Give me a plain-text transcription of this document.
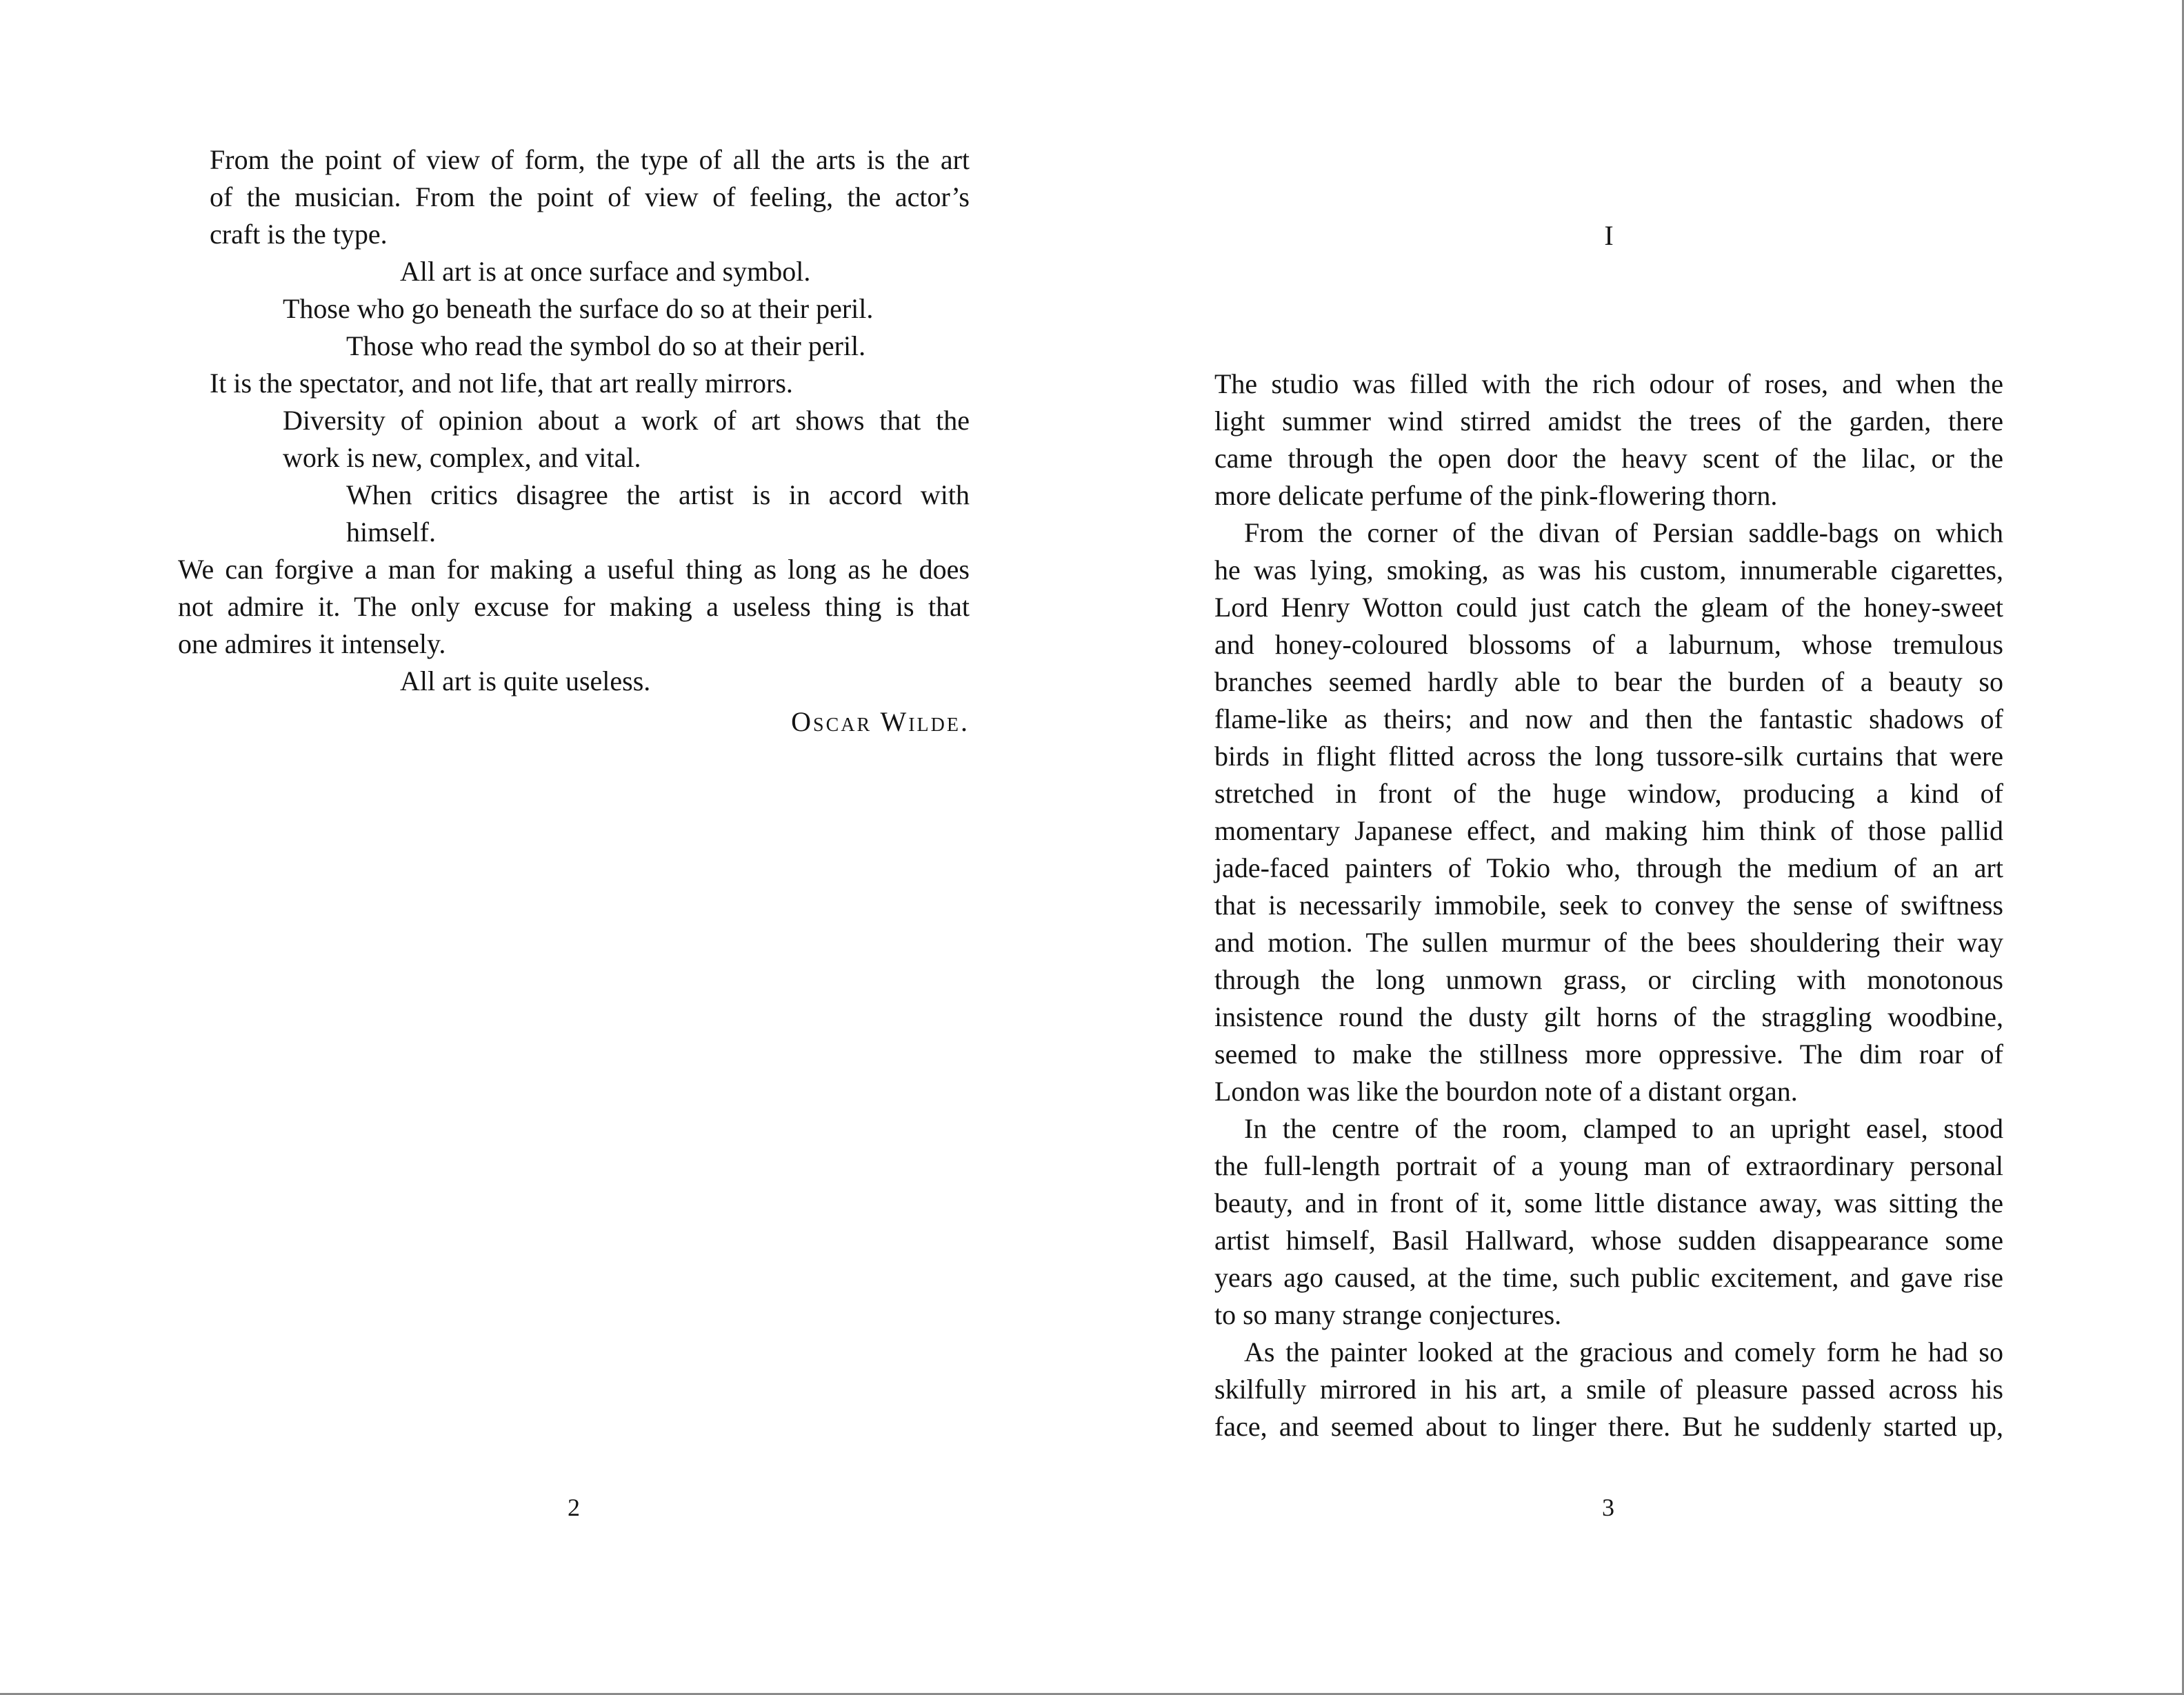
From the point of view of form, the type of all the arts is the art
of the musician. From the point of view of feeling, the actor’s
craft is the type.
All art is at once surface and symbol.
Those who go beneath the surface do so at their peril.
Those who read the symbol do so at their peril.
It is the spectator, and not life, that art really mirrors.
Diversity of opinion about a work of art shows that the
work is new, complex, and vital.
When critics disagree the artist is in accord with
himself.
We can forgive a man for making a useful thing as long as he does
not admire it. The only excuse for making a useless thing is that
one admires it intensely.
All art is quite useless.
Oscar Wilde.
2
I
The studio was filled with the rich odour of roses, and when the
light summer wind stirred amidst the trees of the garden, there
came through the open door the heavy scent of the lilac, or the
more delicate perfume of the pink-flowering thorn.
From the corner of the divan of Persian saddle-bags on which
he was lying, smoking, as was his custom, innumerable cigarettes,
Lord Henry Wotton could just catch the gleam of the honey-sweet
and honey-coloured blossoms of a laburnum, whose tremulous
branches seemed hardly able to bear the burden of a beauty so
flame-like as theirs; and now and then the fantastic shadows of
birds in flight flitted across the long tussore-silk curtains that were
stretched in front of the huge window, producing a kind of
momentary Japanese effect, and making him think of those pallid
jade-faced painters of Tokio who, through the medium of an art
that is necessarily immobile, seek to convey the sense of swiftness
and motion. The sullen murmur of the bees shouldering their way
through the long unmown grass, or circling with monotonous
insistence round the dusty gilt horns of the straggling woodbine,
seemed to make the stillness more oppressive. The dim roar of
London was like the bourdon note of a distant organ.
In the centre of the room, clamped to an upright easel, stood
the full-length portrait of a young man of extraordinary personal
beauty, and in front of it, some little distance away, was sitting the
artist himself, Basil Hallward, whose sudden disappearance some
years ago caused, at the time, such public excitement, and gave rise
to so many strange conjectures.
As the painter looked at the gracious and comely form he had so
skilfully mirrored in his art, a smile of pleasure passed across his
face, and seemed about to linger there. But he suddenly started up,
3
